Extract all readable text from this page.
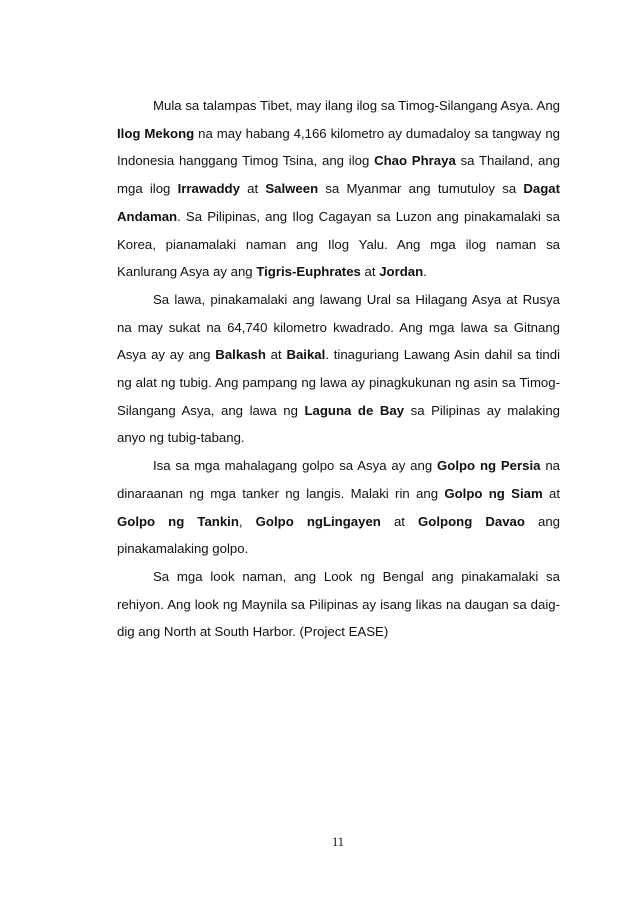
Mula sa talampas Tibet, may ilang ilog sa Timog-Silangang Asya. Ang Ilog Mekong na may habang 4,166 kilometro ay dumadaloy sa tangway ng Indonesia hanggang Timog Tsina, ang ilog Chao Phraya sa Thailand, ang mga ilog Irrawaddy at Salween sa Myanmar ang tumutuloy sa Dagat Andaman. Sa Pilipinas, ang Ilog Cagayan sa Luzon ang pinakamalaki sa Korea, pianamalaki naman ang Ilog Yalu. Ang mga ilog naman sa Kanlurang Asya ay ang Tigris-Euphrates at Jordan.

Sa lawa, pinakamalaki ang lawang Ural sa Hilagang Asya at Rusya na may sukat na 64,740 kilometro kwadrado. Ang mga lawa sa Gitnang Asya ay ay ang Balkash at Baikal. tinaguriang Lawang Asin dahil sa tindi ng alat ng tubig. Ang pampang ng lawa ay pinagkukunan ng asin sa Timog-Silangang Asya, ang lawa ng Laguna de Bay sa Pilipinas ay malaking anyo ng tubig-tabang.

Isa sa mga mahalagang golpo sa Asya ay ang Golpo ng Persia na dinaraanan ng mga tanker ng langis. Malaki rin ang Golpo ng Siam at Golpo ng Tankin, Golpo ngLingayen at Golpong Davao ang pinakamalaking golpo.

Sa mga look naman, ang Look ng Bengal ang pinakamalaki sa rehiyon. Ang look ng Maynila sa Pilipinas ay isang likas na daugan sa daig-dig ang North at South Harbor. (Project EASE)

11
